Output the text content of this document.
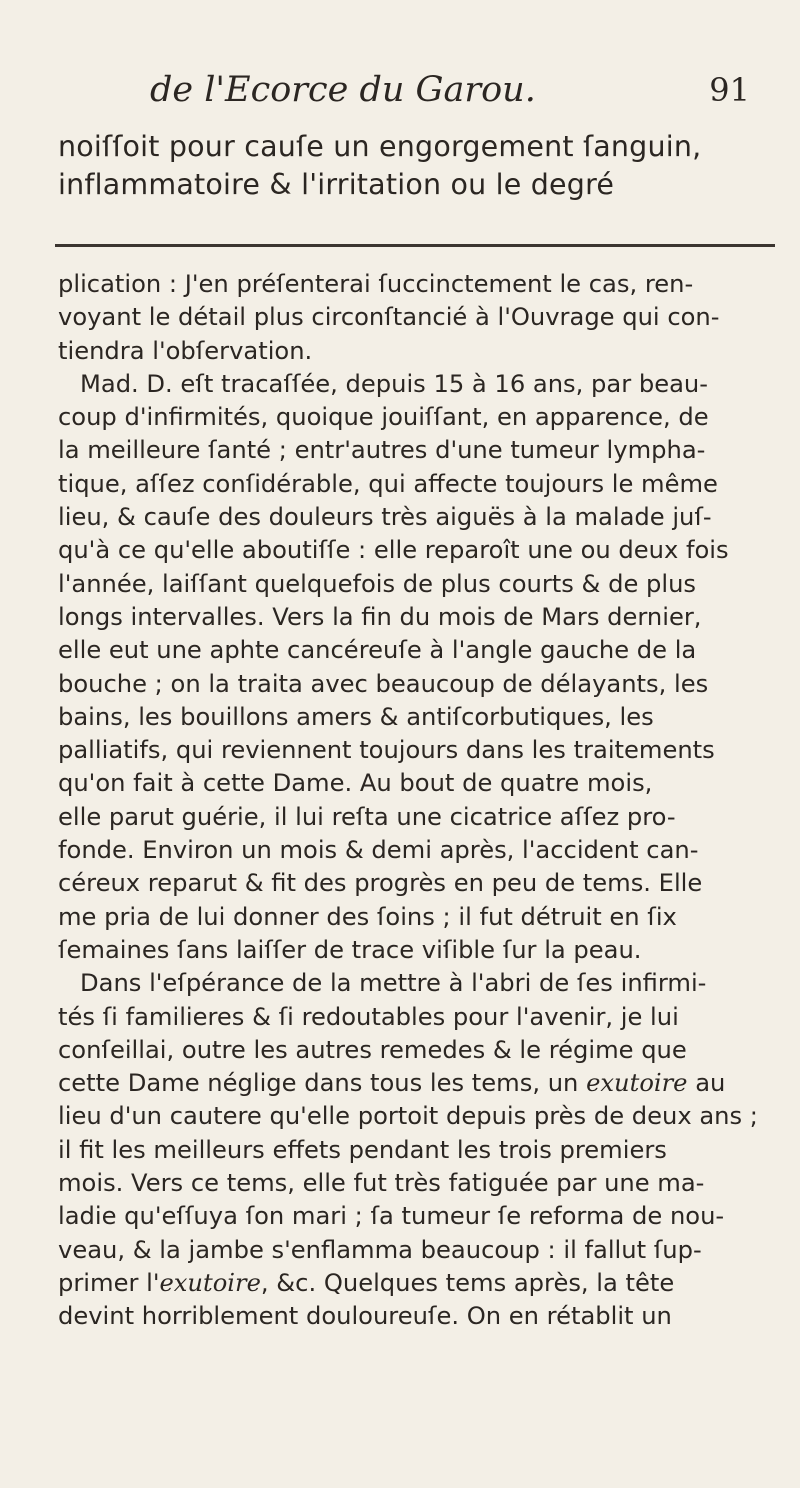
de l'Ecorce du Garou.	91
noiſſoit pour cauſe un engorgement ſanguin,
inflammatoire & l'irritation ou le degré
plication : J'en préſenterai ſuccinctement le cas, ren-
voyant le détail plus circonſtancié à l'Ouvrage qui con-
tiendra l'obſervation.
Mad. D. eſt tracaſſée, depuis 15 à 16 ans, par beau-
coup d'infirmités, quoique jouiſſant, en apparence, de
la meilleure ſanté ; entr'autres d'une tumeur lympha-
tique, aſſez conſidérable, qui affecte toujours le même
lieu, & cauſe des douleurs très aiguës à la malade juſ-
qu'à ce qu'elle aboutiſſe : elle reparoît une ou deux fois
l'année, laiſſant quelquefois de plus courts & de plus
longs intervalles. Vers la fin du mois de Mars dernier,
elle eut une aphte cancéreuſe à l'angle gauche de la
bouche ; on la traita avec beaucoup de délayants, les
bains, les bouillons amers & antiſcorbutiques, les
palliatifs, qui reviennent toujours dans les traitements
qu'on fait à cette Dame. Au bout de quatre mois,
elle parut guérie, il lui reſta une cicatrice aſſez pro-
fonde. Environ un mois & demi après, l'accident can-
céreux reparut & fit des progrès en peu de tems. Elle
me pria de lui donner des ſoins ; il fut détruit en ſix
ſemaines ſans laiſſer de trace viſible ſur la peau.
Dans l'eſpérance de la mettre à l'abri de ſes infirmi-
tés ſi familieres & ſi redoutables pour l'avenir, je lui
conſeillai, outre les autres remedes & le régime que
cette Dame néglige dans tous les tems, un exutoire au
lieu d'un cautere qu'elle portoit depuis près de deux ans ;
il fit les meilleurs effets pendant les trois premiers
mois. Vers ce tems, elle fut très fatiguée par une ma-
ladie qu'eſſuya ſon mari ; ſa tumeur ſe reforma de nou-
veau, & la jambe s'enflamma beaucoup : il fallut ſup-
primer l'exutoire, &c. Quelques tems après, la tête
devint horriblement douloureuſe. On en rétablit un
